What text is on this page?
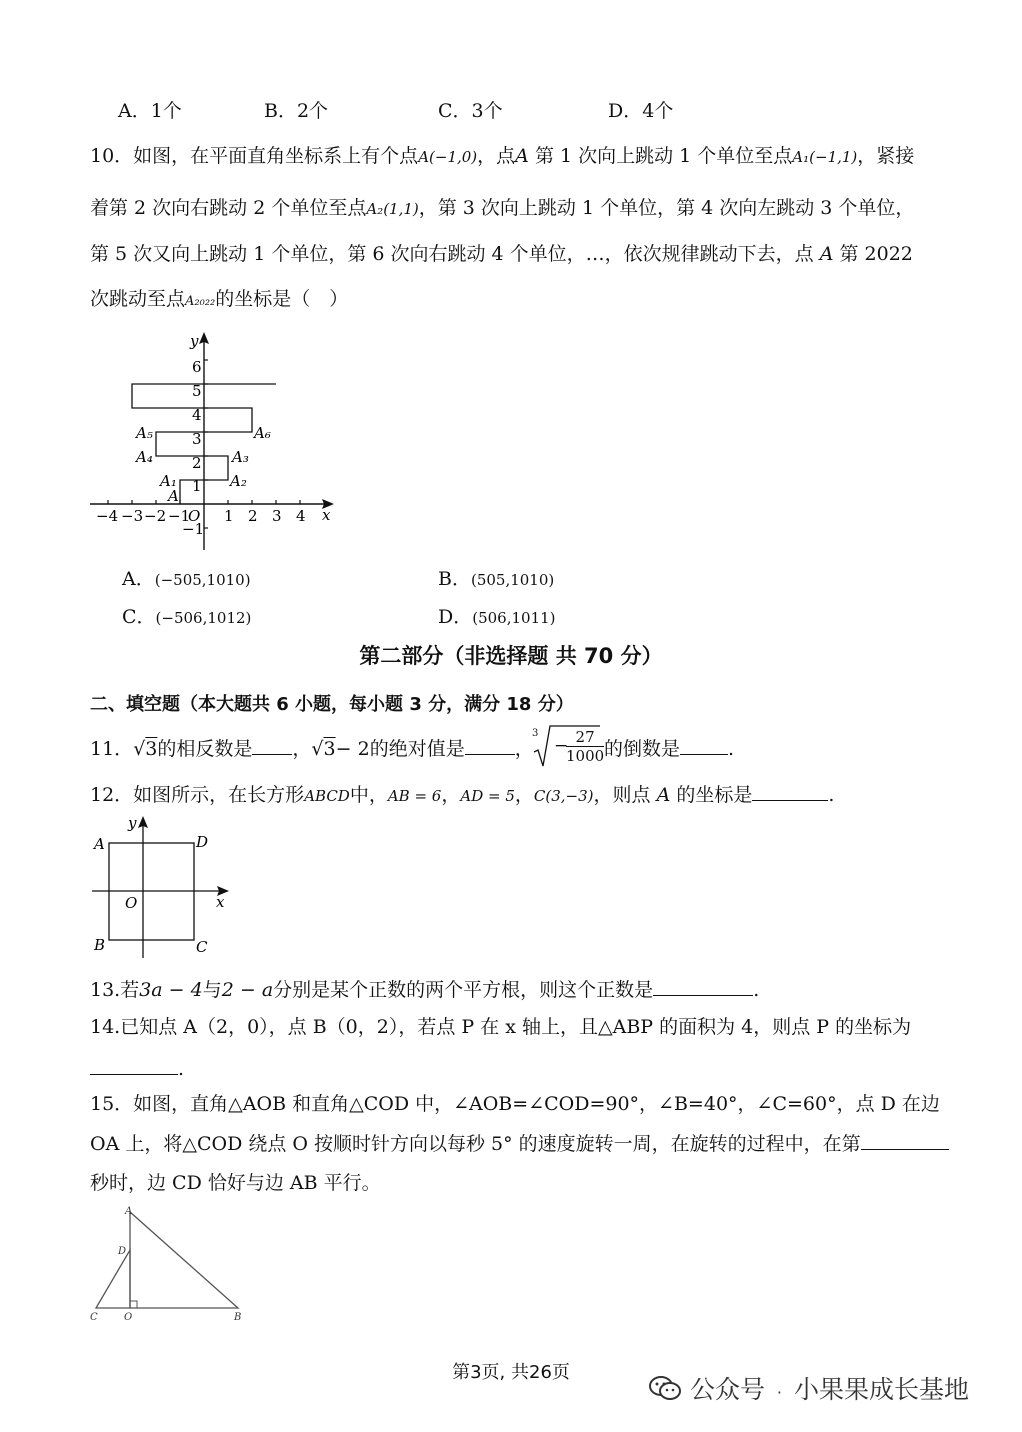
A．1个	B．2个	C．3个	D．4个
10．如图，在平面直角坐标系上有个点A(−1,0)，点A 第 1 次向上跳动 1 个单位至点A₁(−1,1)，紧接
着第 2 次向右跳动 2 个单位至点A₂(1,1)，第 3 次向上跳动 1 个单位，第 4 次向左跳动 3 个单位，
第 5 次又向上跳动 1 个单位，第 6 次向右跳动 4 个单位，…，依次规律跳动下去，点 A 第 2022
次跳动至点A₂₀₂₂的坐标是（　）
−4 −3 −2 −1
O 1 2 3 4 x
6
5
4
3
2
1
−1
y
A
A₁	A₂
A₃
A₄
A₅	A₆
A．(−505,1010)	B．(505,1010)
C．(−506,1012)	D．(506,1011)
第二部分（非选择题 共 70 分）
二、填空题（本大题共 6 小题，每小题 3 分，满分 18 分）
11．√3的相反数是 ，√3− 2的绝对值是	，
3
−
$\frac{27}{1000}$ 的倒数是	.
12．如图所示，在长方形ABCD中，AB = 6，AD = 5，C(3,−3)，则点 A 的坐标是	.
A	D
B	C
O	x
y
13.若3a − 4与2 − a分别是某个正数的两个平方根，则这个正数是	.
14.已知点 A（2，0），点 B（0，2），若点 P 在 x 轴上，且△ABP 的面积为 4，则点 P 的坐标为
.
15．如图，直角△AOB 和直角△COD 中，∠AOB=∠COD=90°，∠B=40°，∠C=60°，点 D 在边
OA 上，将△COD 绕点 O 按顺时针方向以每秒 5° 的速度旋转一周，在旋转的过程中，在第
秒时，边 CD 恰好与边 AB 平行。
A
D
C	O	B
第3页, 共26页
公众号 · 小果果成长基地
